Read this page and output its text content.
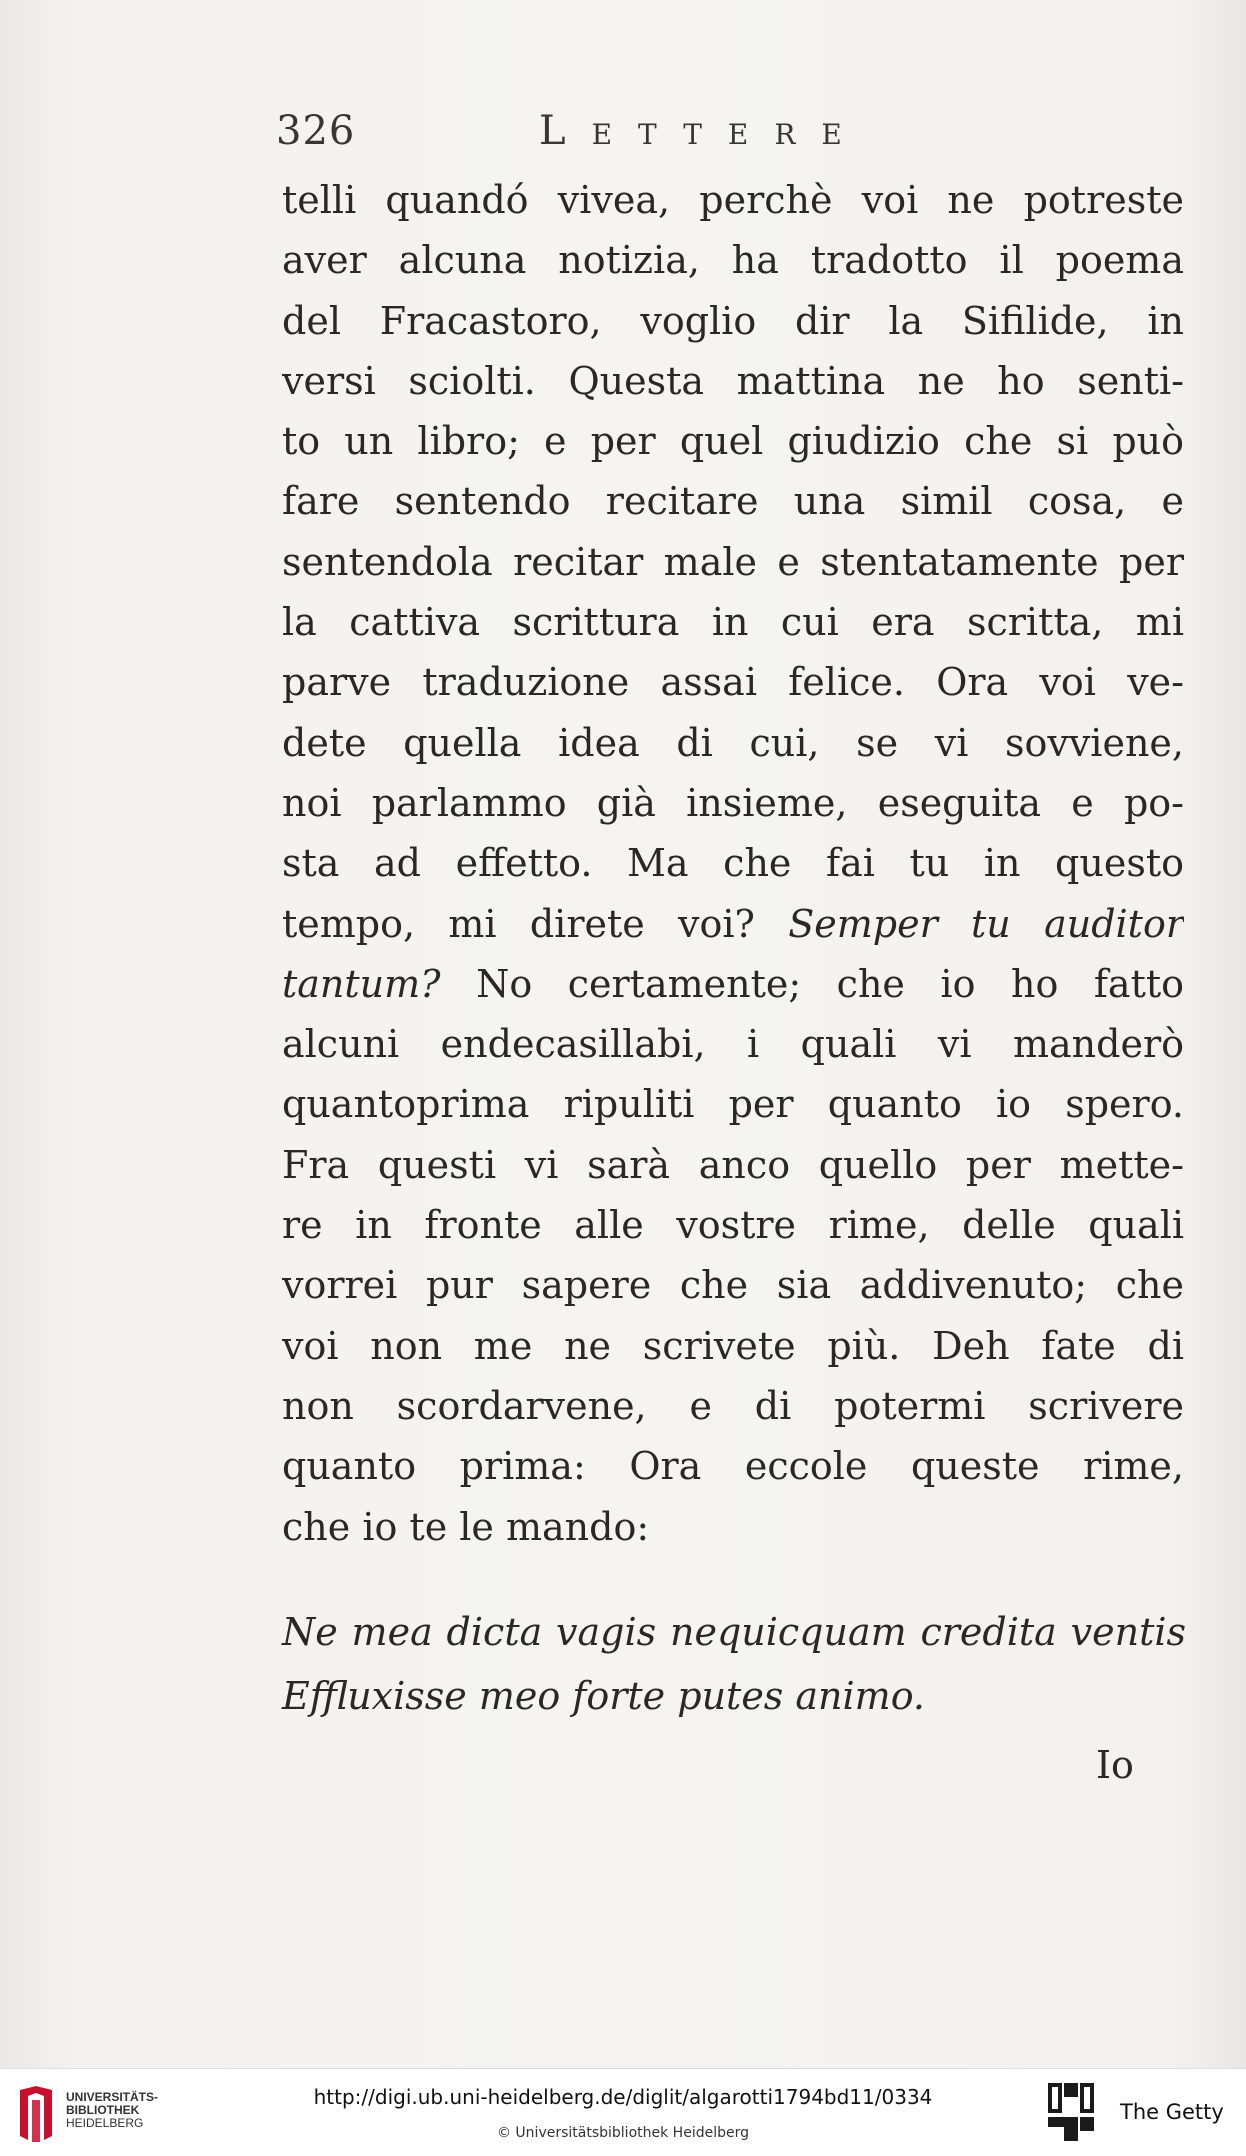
326	Lettere
telli quandó vivea, perchè voi ne potreste
aver alcuna notizia, ha tradotto il poema
del Fracastoro, voglio dir la Sifilide, in
versi sciolti. Questa mattina ne ho senti-
to un libro; e per quel giudizio che si può
fare sentendo recitare una simil cosa, e
sentendola recitar male e stentatamente per
la cattiva scrittura in cui era scritta, mi
parve traduzione assai felice. Ora voi ve-
dete quella idea di cui, se vi sovviene,
noi parlammo già insieme, eseguita e po-
sta ad effetto. Ma che fai tu in questo
tempo, mi direte voi? Semper tu auditor
tantum? No certamente; che io ho fatto
alcuni endecasillabi, i quali vi manderò
quantoprima ripuliti per quanto io spero.
Fra questi vi sarà anco quello per mette-
re in fronte alle vostre rime, delle quali
vorrei pur sapere che sia addivenuto; che
voi non me ne scrivete più. Deh fate di
non scordarvene, e di potermi scrivere
quanto prima: Ora eccole queste rime,
che io te le mando:
Ne mea dicta vagis nequicquam credita ventis
Effluxisse meo forte putes animo.
Io
UNIVERSITÄTS-
BIBLIOTHEK
HEIDELBERG
http://digi.ub.uni-heidelberg.de/diglit/algarotti1794bd11/0334
© Universitätsbibliothek Heidelberg
The Getty
